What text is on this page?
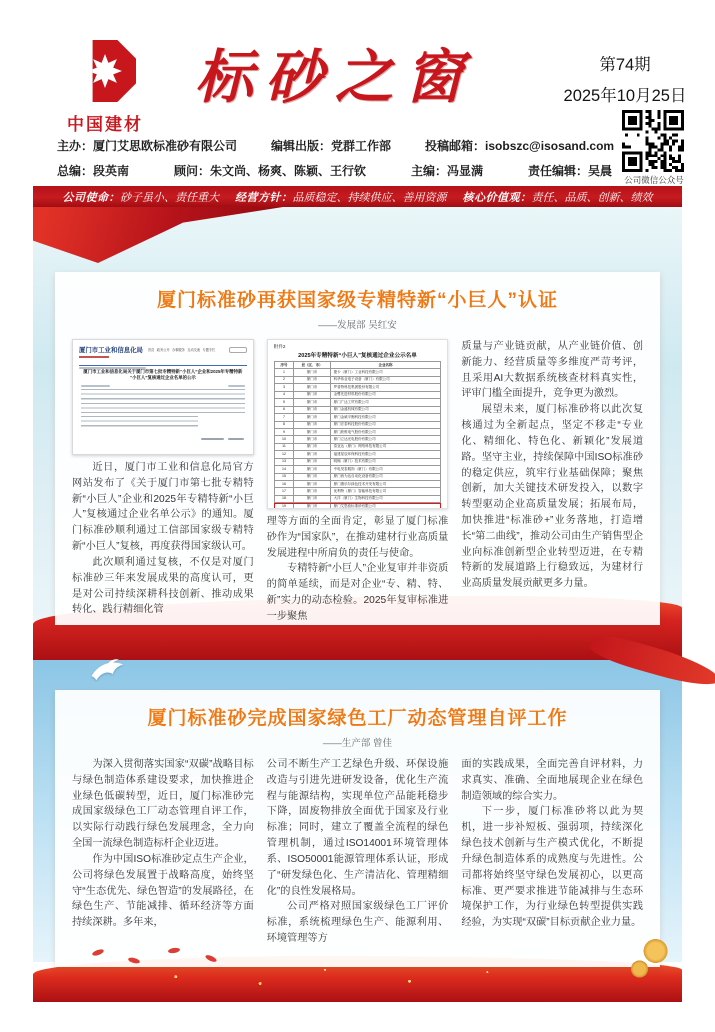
中国建材
标砂之窗	第74期
2025年10月25日
公司微信公众号
主办：厦门艾思欧标准砂有限公司	编辑出版：党群工作部	投稿邮箱：isobszc@isosand.com
总编：段英南	顾问：朱文尚、杨爽、陈颖、王行钦	主编：冯显满	责任编辑：吴晨
公司使命：砂子虽小、责任重大 经营方针：品质稳定、持续供应、善用资源 核心价值观：责任、品质、创新、绩效
厦门标准砂再获国家级专精特新“小巨人”认证
——发展部 吴红安
厦门市工业和信息化局 首页 政务公开 办事服务 互动交流 专题专栏
厦门市工业和信息化局关于厦门市第七批专精特新“小巨人”企业和2025年专精特新
“小巨人”复核通过企业名单的公示

近日，厦门市工业和信息化局官方网站发布了《关于厦门市第七批专精特新“小巨人”企业和2025年专精特新“小巨人”复核通过企业名单公示》的通知。厦门标准砂顺利通过工信部国家级专精特新“小巨人”复核，再度获得国家级认可。

此次顺利通过复核，不仅是对厦门标准砂三年来发展成果的高度认可，更是对公司持续深耕科技创新、推动成果转化、践行精细化管

附件2
2025年专精特新“小巨人”复核通过企业公示名单
序号	县（区、市）	企业名称
1	厦门市	捷卡（厦门）工业科技有限公司
2	厦门市	科华伟业电子设备（厦门）有限公司
3	厦门市	罗普特科技集团股份有限公司
4	厦门市	金鹭先进材料股份有限公司
5	厦门市	厦门广达工贸有限公司
6	厦门市	厦门金盛机械有限公司
7	厦门市	厦门金威平衡科技有限公司
8	厦门市	厦门宏泰科技股份有限公司
9	厦门市	厦门欣维电气股份有限公司
10	厦门市	厦门立达光电股份有限公司
11	厦门市	泰亚达（厦门）网络科技有限公司
12	厦门市	福建星辰环保科技有限公司
13	厦门市	明翰（厦门）技术有限公司
14	厦门市	中电昊泰服饰（厦门）有限公司
15	厦门市	厦门西为达自动化设备有限公司
16	厦门市	厦门康乐尔绿色技术开发有限公司
17	厦门市	优利特（厦门）智能科技有限公司
18	厦门市	大洋（厦门）生物科技有限公司
19	厦门市	厦门艾思欧标准砂有限公司

理等方面的全面肯定，彰显了厦门标准砂作为“国家队”，在推动建材行业高质量发展进程中所肩负的责任与使命。

专精特新“小巨人”企业复审并非资质的简单延续，而是对企业“专、精、特、新”实力的动态检验。2025年复审标准进一步聚焦

质量与产业链贡献，从产业链价值、创新能力、经营质量等多维度严苛考评，且采用AI大数据系统核查材料真实性，评审门槛全面提升，竞争更为激烈。

展望未来，厦门标准砂将以此次复核通过为全新起点，坚定不移走“专业化、精细化、特色化、新颖化”发展道路。坚守主业，持续保障中国ISO标准砂的稳定供应，筑牢行业基础保障；聚焦创新，加大关键技术研发投入，以数字转型驱动企业高质量发展；拓展布局，加快推进“标准砂+”业务落地，打造增长“第二曲线”，推动公司由生产销售型企业向标准创新型企业转型迈进，在专精特新的发展道路上行稳致远，为建材行业高质量发展贡献更多力量。

厦门标准砂完成国家绿色工厂动态管理自评工作
——生产部 曾佳

为深入贯彻落实国家“双碳”战略目标与绿色制造体系建设要求，加快推进企业绿色低碳转型，近日，厦门标准砂完成国家级绿色工厂动态管理自评工作，以实际行动践行绿色发展理念，全力向全国一流绿色制造标杆企业迈进。

作为中国ISO标准砂定点生产企业，公司将绿色发展置于战略高度，始终坚守“生态优先、绿色智造”的发展路径，在绿色生产、节能减排、循环经济等方面持续深耕。多年来，

公司不断生产工艺绿色升级、环保设施改造与引进先进研发设备，优化生产流程与能源结构，实现单位产品能耗稳步下降，固废物排放全面优于国家及行业标准；同时，建立了覆盖全流程的绿色管理机制，通过ISO14001环境管理体系、ISO50001能源管理体系认证，形成了“研发绿色化、生产清洁化、管理精细化”的良性发展格局。

公司严格对照国家级绿色工厂评价标准，系统梳理绿色生产、能源利用、环境管理等方

面的实践成果，全面完善自评材料，力求真实、准确、全面地展现企业在绿色制造领域的综合实力。

下一步，厦门标准砂将以此为契机，进一步补短板、强弱项，持续深化绿色技术创新与生产模式优化，不断提升绿色制造体系的成熟度与先进性。公司都将始终坚守绿色发展初心，以更高标准、更严要求推进节能减排与生态环境保护工作，为行业绿色转型提供实践经验，为实现“双碳”目标贡献企业力量。
